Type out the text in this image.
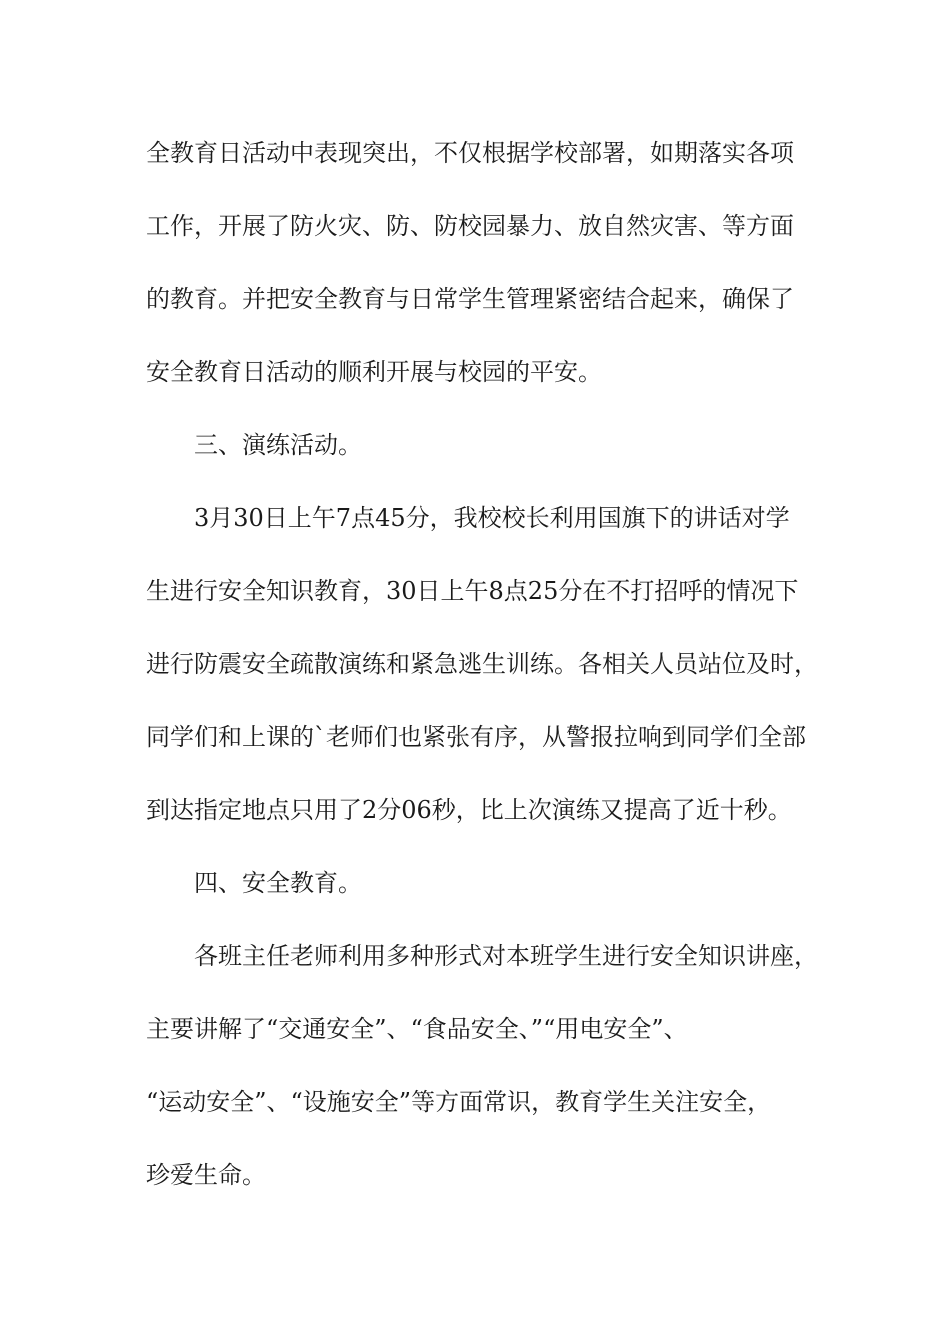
全教育日活动中表现突出，不仅根据学校部署，如期落实各项
工作，开展了防火灾、防、防校园暴力、放自然灾害、等方面
的教育。并把安全教育与日常学生管理紧密结合起来，确保了
安全教育日活动的顺利开展与校园的平安。
三、演练活动。
3月30日上午7点45分，我校校长利用国旗下的讲话对学
生进行安全知识教育，30日上午8点25分在不打招呼的情况下
进行防震安全疏散演练和紧急逃生训练。各相关人员站位及时，
同学们和上课的`老师们也紧张有序，从警报拉响到同学们全部
到达指定地点只用了2分06秒，比上次演练又提高了近十秒。
四、安全教育。
各班主任老师利用多种形式对本班学生进行安全知识讲座，
主要讲解了“交通安全”、“食品安全、”“用电安全”、
“运动安全”、“设施安全”等方面常识，教育学生关注安全，
珍爱生命。
